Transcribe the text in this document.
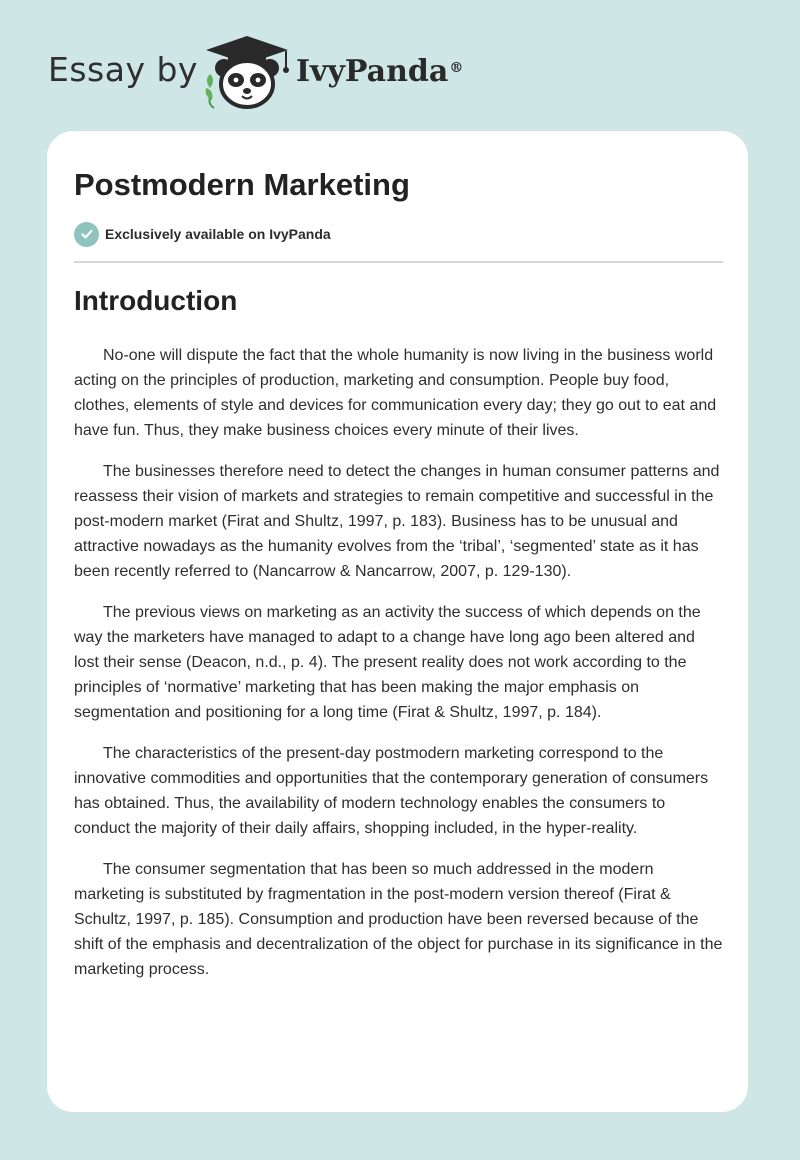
Essay by	IvyPanda®
Postmodern Marketing
Exclusively available on IvyPanda
Introduction

No-one will dispute the fact that the whole humanity is now living in the business world acting on the principles of production, marketing and consumption. People buy food, clothes, elements of style and devices for communication every day; they go out to eat and have fun. Thus, they make business choices every minute of their lives.

The businesses therefore need to detect the changes in human consumer patterns and reassess their vision of markets and strategies to remain competitive and successful in the post-modern market (Firat and Shultz, 1997, p. 183). Business has to be unusual and attractive nowadays as the humanity evolves from the ‘tribal’, ‘segmented’ state as it has been recently referred to (Nancarrow & Nancarrow, 2007, p. 129-130).

The previous views on marketing as an activity the success of which depends on the way the marketers have managed to adapt to a change have long ago been altered and lost their sense (Deacon, n.d., p. 4). The present reality does not work according to the principles of ‘normative’ marketing that has been making the major emphasis on segmentation and positioning for a long time (Firat & Shultz, 1997, p. 184).

The characteristics of the present-day postmodern marketing correspond to the innovative commodities and opportunities that the contemporary generation of consumers has obtained. Thus, the availability of modern technology enables the consumers to conduct the majority of their daily affairs, shopping included, in the hyper-reality.

The consumer segmentation that has been so much addressed in the modern marketing is substituted by fragmentation in the post-modern version thereof (Firat & Schultz, 1997, p. 185). Consumption and production have been reversed because of the shift of the emphasis and decentralization of the object for purchase in its significance in the marketing process.
